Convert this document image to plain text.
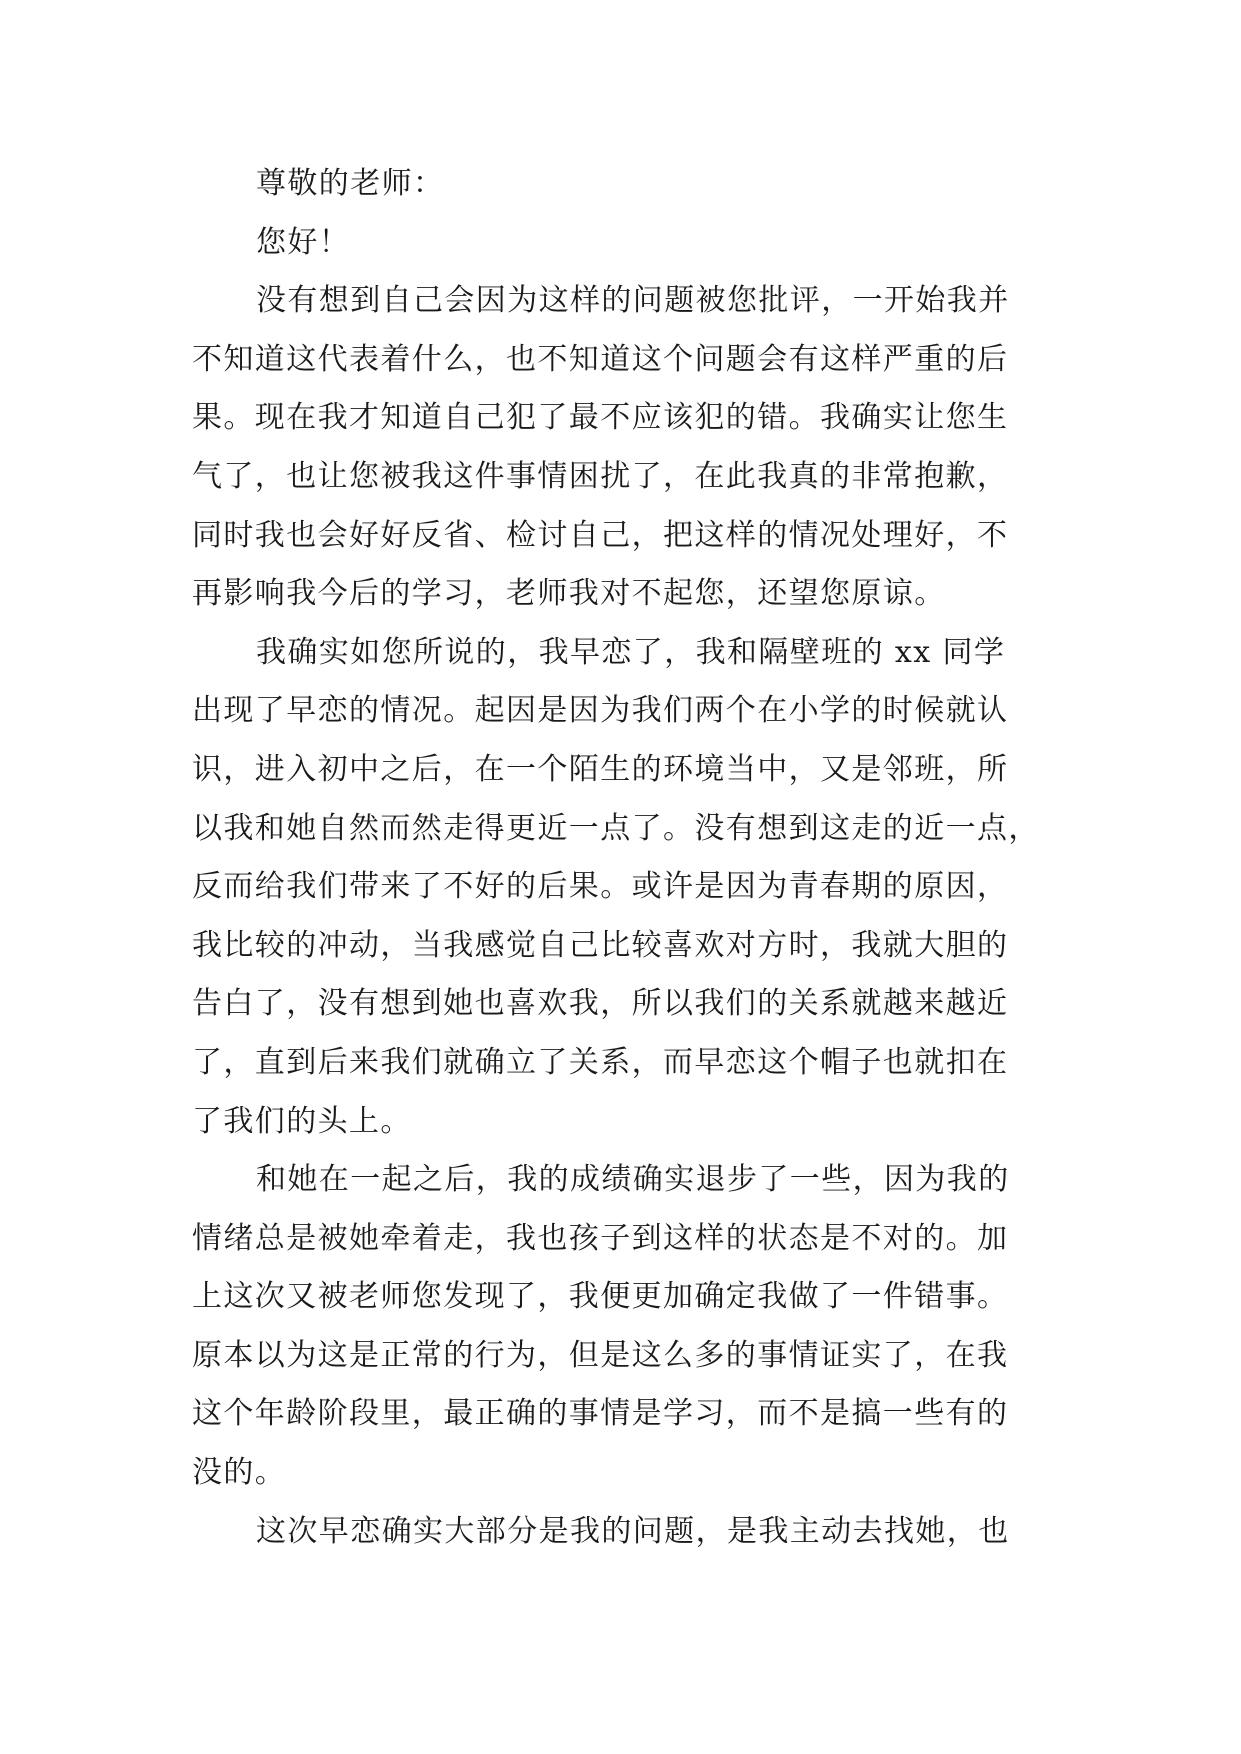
尊敬的老师：
您好！
没有想到自己会因为这样的问题被您批评，一开始我并
不知道这代表着什么，也不知道这个问题会有这样严重的后
果。现在我才知道自己犯了最不应该犯的错。我确实让您生
气了，也让您被我这件事情困扰了，在此我真的非常抱歉，
同时我也会好好反省、检讨自己，把这样的情况处理好，不
再影响我今后的学习，老师我对不起您，还望您原谅。
我确实如您所说的，我早恋了，我和隔壁班的 xx 同学
出现了早恋的情况。起因是因为我们两个在小学的时候就认
识，进入初中之后，在一个陌生的环境当中，又是邻班，所
以我和她自然而然走得更近一点了。没有想到这走的近一点，
反而给我们带来了不好的后果。或许是因为青春期的原因，
我比较的冲动，当我感觉自己比较喜欢对方时，我就大胆的
告白了，没有想到她也喜欢我，所以我们的关系就越来越近
了，直到后来我们就确立了关系，而早恋这个帽子也就扣在
了我们的头上。
和她在一起之后，我的成绩确实退步了一些，因为我的
情绪总是被她牵着走，我也孩子到这样的状态是不对的。加
上这次又被老师您发现了，我便更加确定我做了一件错事。
原本以为这是正常的行为，但是这么多的事情证实了，在我
这个年龄阶段里，最正确的事情是学习，而不是搞一些有的
没的。
这次早恋确实大部分是我的问题，是我主动去找她，也
